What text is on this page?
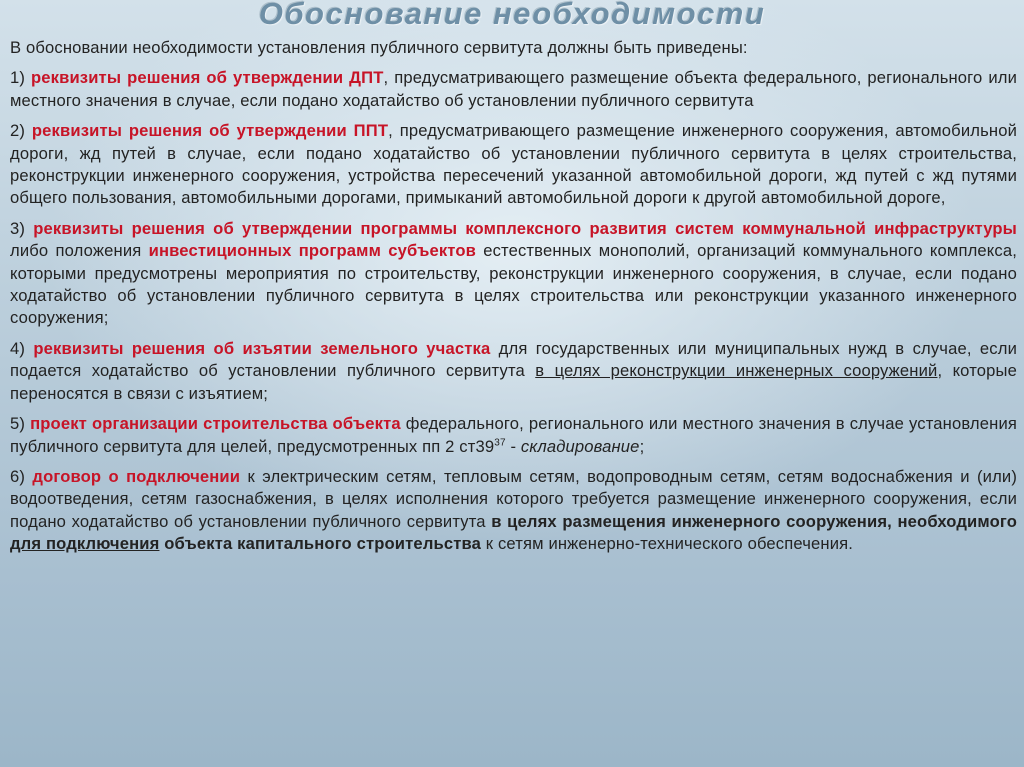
Обоснование необходимости
В обосновании необходимости установления публичного сервитута должны быть приведены:
1) реквизиты решения об утверждении ДПТ, предусматривающего размещение объекта федерального, регионального или местного значения в случае, если подано ходатайство об установлении публичного сервитута
2) реквизиты решения об утверждении ППТ, предусматривающего размещение инженерного сооружения, автомобильной дороги, жд путей в случае, если подано ходатайство об установлении публичного сервитута в целях строительства, реконструкции инженерного сооружения, устройства пересечений указанной автомобильной дороги, жд путей с жд путями общего пользования, автомобильными дорогами, примыканий автомобильной дороги к другой автомобильной дороге,
3) реквизиты решения об утверждении программы комплексного развития систем коммунальной инфраструктуры либо положения инвестиционных программ субъектов естественных монополий, организаций коммунального комплекса, которыми предусмотрены мероприятия по строительству, реконструкции инженерного сооружения, в случае, если подано ходатайство об установлении публичного сервитута в целях строительства или реконструкции указанного инженерного сооружения;
4) реквизиты решения об изъятии земельного участка для государственных или муниципальных нужд в случае, если подается ходатайство об установлении публичного сервитута в целях реконструкции инженерных сооружений, которые переносятся в связи с изъятием;
5) проект организации строительства объекта федерального, регионального или местного значения в случае установления публичного сервитута для целей, предусмотренных пп 2 $ст39^{37}$ - складирование;
6) договор о подключении к электрическим сетям, тепловым сетям, водопроводным сетям, сетям водоснабжения и (или) водоотведения, сетям газоснабжения, в целях исполнения которого требуется размещение инженерного сооружения, если подано ходатайство об установлении публичного сервитута в целях размещения инженерного сооружения, необходимого для подключения объекта капитального строительства к сетям инженерно-технического обеспечения.
